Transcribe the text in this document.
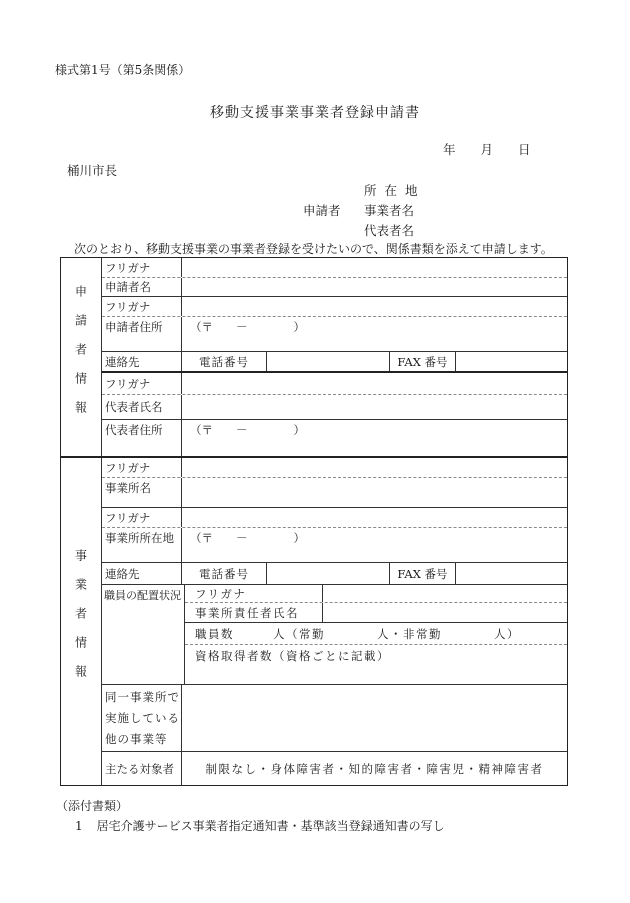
様式第1号（第5条関係）
移動支援事業事業者登録申請書
年　　月　　日
桶川市長
所 在 地
申請者 事業者名
代表者名
次のとおり、移動支援事業の事業者登録を受けたいので、関係書類を添えて申請します。
申請者情報
フリガナ
申請者名
フリガナ
申請者住所	（〒　　－　　　　）
連絡先	電話番号	FAX 番号
フリガナ
代表者氏名
代表者住所	（〒　　－　　　　）
事業者情報
フリガナ
事業所名
フリガナ
事業所所在地	（〒　　－　　　　）
連絡先	電話番号	FAX 番号
職員の配置状況	フリガナ
事業所責任者氏名
職員数　　　人（常勤　　　　人・非常勤　　　　人）
資格取得者数（資格ごとに記載）
同一事業所で実施している他の事業等
主たる対象者	制限なし・身体障害者・知的障害者・障害児・精神障害者
（添付書類）
1 居宅介護サービス事業者指定通知書・基準該当登録通知書の写し
